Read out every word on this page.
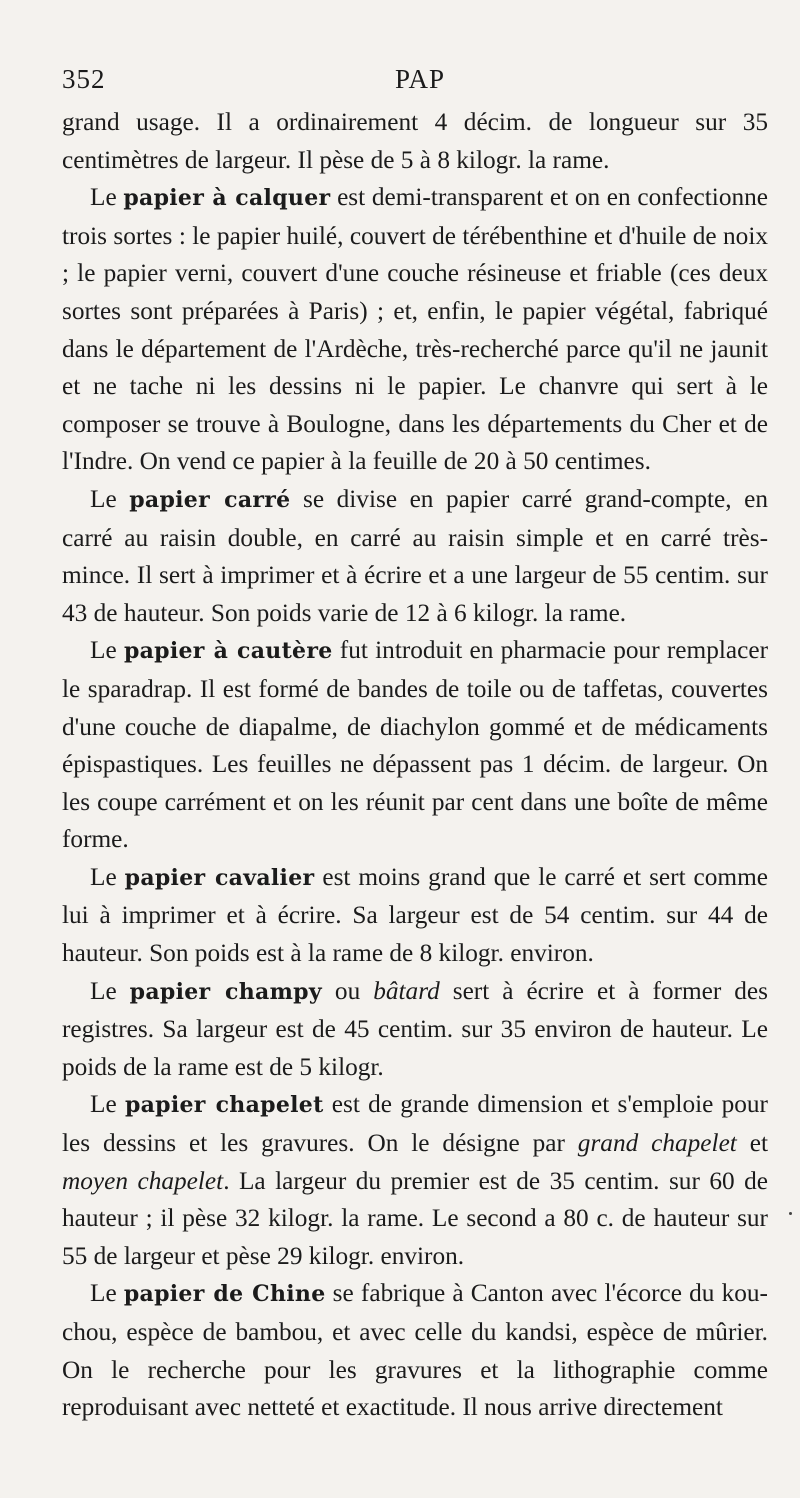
352	PAP

grand usage. Il a ordinairement 4 décim. de longueur sur 35 centimètres de largeur. Il pèse de 5 à 8 kilogr. la rame.

Le papier à calquer est demi-transparent et on en confectionne trois sortes : le papier huilé, couvert de térébenthine et d'huile de noix ; le papier verni, couvert d'une couche résineuse et friable (ces deux sortes sont préparées à Paris) ; et, enfin, le papier végétal, fabriqué dans le département de l'Ardèche, très-recherché parce qu'il ne jaunit et ne tache ni les dessins ni le papier. Le chanvre qui sert à le composer se trouve à Boulogne, dans les départements du Cher et de l'Indre. On vend ce papier à la feuille de 20 à 50 centimes.

Le papier carré se divise en papier carré grand-compte, en carré au raisin double, en carré au raisin simple et en carré très-mince. Il sert à imprimer et à écrire et a une largeur de 55 centim. sur 43 de hauteur. Son poids varie de 12 à 6 kilogr. la rame.

Le papier à cautère fut introduit en pharmacie pour remplacer le sparadrap. Il est formé de bandes de toile ou de taffetas, couvertes d'une couche de diapalme, de diachylon gommé et de médicaments épispastiques. Les feuilles ne dépassent pas 1 décim. de largeur. On les coupe carrément et on les réunit par cent dans une boîte de même forme.

Le papier cavalier est moins grand que le carré et sert comme lui à imprimer et à écrire. Sa largeur est de 54 centim. sur 44 de hauteur. Son poids est à la rame de 8 kilogr. environ.

Le papier champy ou bâtard sert à écrire et à former des registres. Sa largeur est de 45 centim. sur 35 environ de hauteur. Le poids de la rame est de 5 kilogr.

Le papier chapelet est de grande dimension et s'emploie pour les dessins et les gravures. On le désigne par grand chapelet et moyen chapelet. La largeur du premier est de 35 centim. sur 60 de hauteur ; il pèse 32 kilogr. la rame. Le second a 80 c. de hauteur sur 55 de largeur et pèse 29 kilogr. environ.

Le papier de Chine se fabrique à Canton avec l'écorce du kou-chou, espèce de bambou, et avec celle du kandsi, espèce de mûrier. On le recherche pour les gravures et la lithographie comme reproduisant avec netteté et exactitude. Il nous arrive directement
